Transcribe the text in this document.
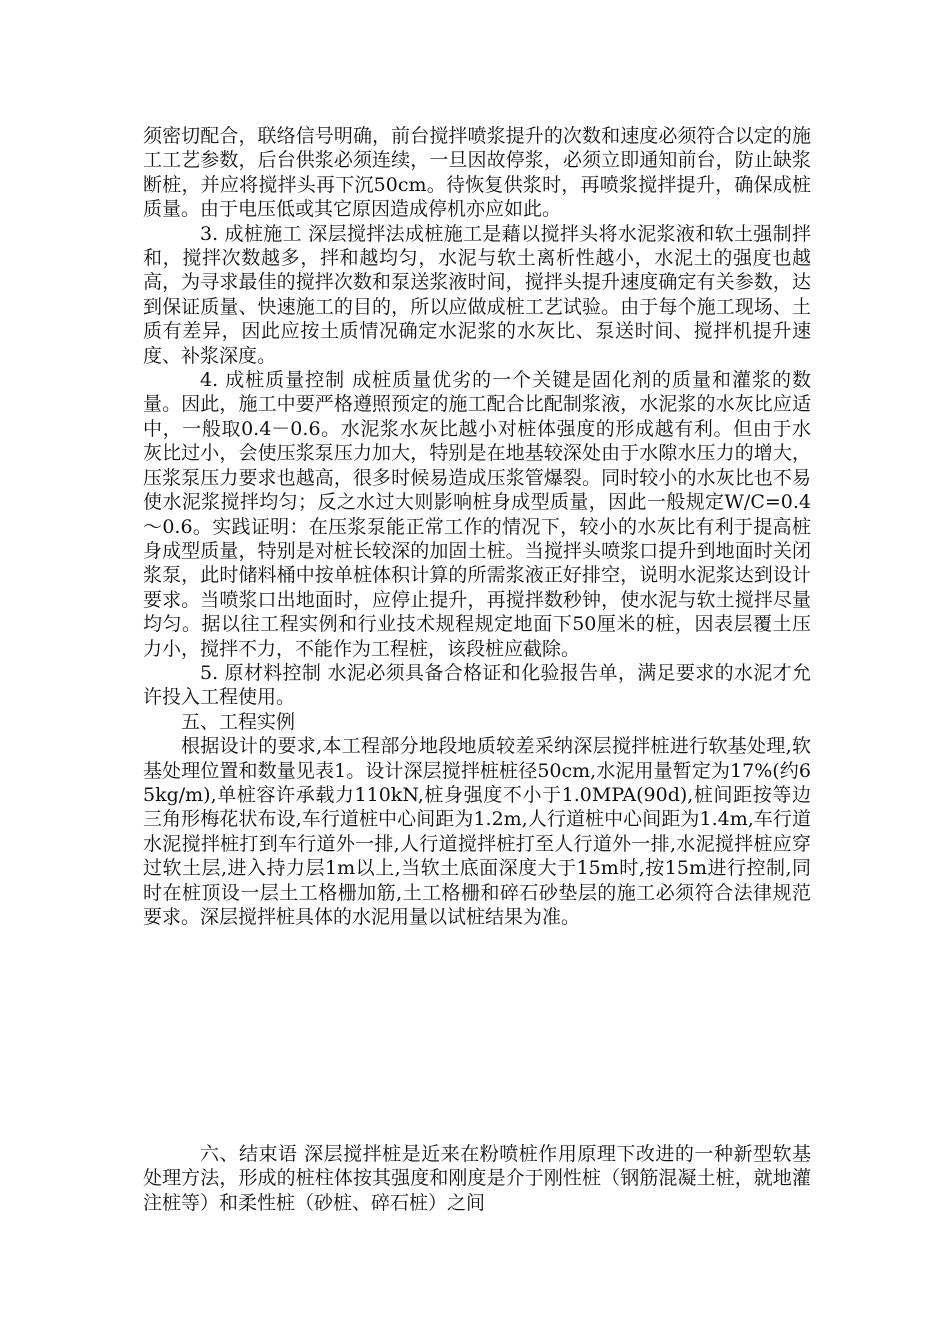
须密切配合，联络信号明确，前台搅拌喷浆提升的次数和速度必须符合以定的施工工艺参数，后台供浆必须连续，一旦因故停浆，必须立即通知前台，防止缺浆断桩，并应将搅拌头再下沉50cm。待恢复供浆时，再喷浆搅拌提升，确保成桩质量。由于电压低或其它原因造成停机亦应如此。

3. 成桩施工 深层搅拌法成桩施工是藉以搅拌头将水泥浆液和软土强制拌和，搅拌次数越多，拌和越均匀，水泥与软土离析性越小，水泥土的强度也越高，为寻求最佳的搅拌次数和泵送浆液时间，搅拌头提升速度确定有关参数，达到保证质量、快速施工的目的，所以应做成桩工艺试验。由于每个施工现场、土质有差异，因此应按土质情况确定水泥浆的水灰比、泵送时间、搅拌机提升速度、补浆深度。

4. 成桩质量控制 成桩质量优劣的一个关键是固化剂的质量和灌浆的数量。因此，施工中要严格遵照预定的施工配合比配制浆液，水泥浆的水灰比应适中，一般取0.4－0.6。水泥浆水灰比越小对桩体强度的形成越有利。但由于水灰比过小，会使压浆泵压力加大，特别是在地基较深处由于水隙水压力的增大，压浆泵压力要求也越高，很多时候易造成压浆管爆裂。同时较小的水灰比也不易使水泥浆搅拌均匀；反之水过大则影响桩身成型质量，因此一般规定W/C=0.4～0.6。实践证明：在压浆泵能正常工作的情况下，较小的水灰比有利于提高桩身成型质量，特别是对桩长较深的加固土桩。当搅拌头喷浆口提升到地面时关闭浆泵，此时储料桶中按单桩体积计算的所需浆液正好排空，说明水泥浆达到设计要求。当喷浆口出地面时，应停止提升，再搅拌数秒钟，使水泥与软土搅拌尽量均匀。据以往工程实例和行业技术规程规定地面下50厘米的桩，因表层覆土压力小，搅拌不力，不能作为工程桩，该段桩应截除。

5. 原材料控制 水泥必须具备合格证和化验报告单，满足要求的水泥才允许投入工程使用。

五、工程实例

根据设计的要求,本工程部分地段地质较差采纳深层搅拌桩进行软基处理,软基处理位置和数量见表1。设计深层搅拌桩桩径50cm,水泥用量暂定为17%(约65kg/m),单桩容许承载力110kN,桩身强度不小于1.0MPA(90d),桩间距按等边三角形梅花状布设,车行道桩中心间距为1.2m,人行道桩中心间距为1.4m,车行道水泥搅拌桩打到车行道外一排,人行道搅拌桩打至人行道外一排,水泥搅拌桩应穿过软土层,进入持力层1m以上,当软土底面深度大于15m时,按15m进行控制,同时在桩顶设一层土工格栅加筋,土工格栅和碎石砂垫层的施工必须符合法律规范要求。深层搅拌桩具体的水泥用量以试桩结果为准。

六、结束语 深层搅拌桩是近来在粉喷桩作用原理下改进的一种新型软基处理方法，形成的桩柱体按其强度和刚度是介于刚性桩（钢筋混凝土桩，就地灌注桩等）和柔性桩（砂桩、碎石桩）之间
